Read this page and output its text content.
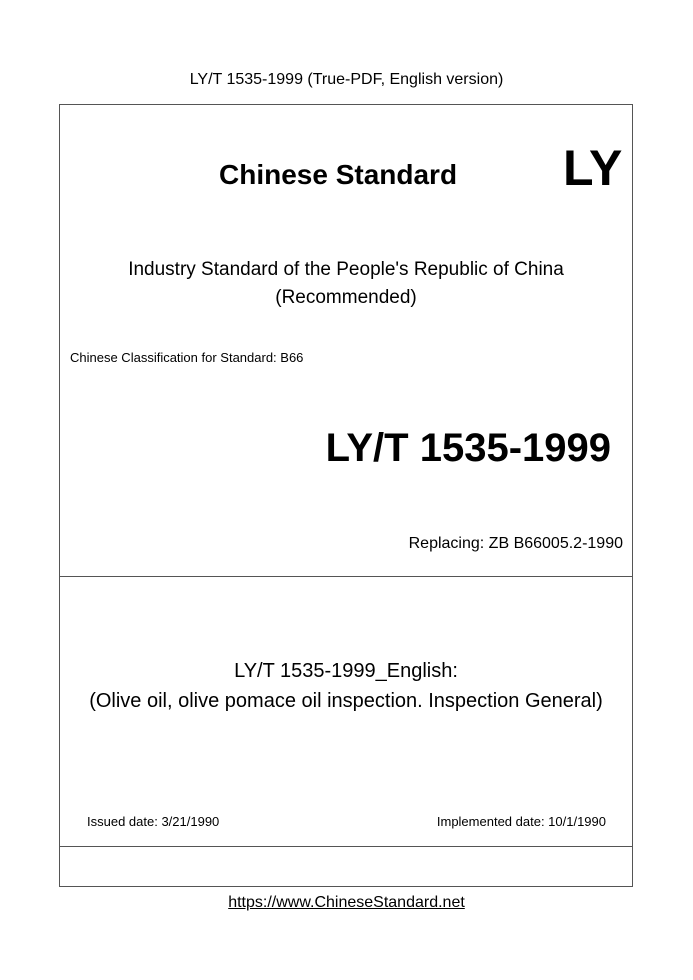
LY/T 1535-1999 (True-PDF, English version)
Chinese Standard LY
Industry Standard of the People's Republic of China
(Recommended)
Chinese Classification for Standard: B66
LY/T 1535-1999
Replacing: ZB B66005.2-1990
LY/T 1535-1999_English:
(Olive oil, olive pomace oil inspection. Inspection General)
Issued date: 3/21/1990	Implemented date: 10/1/1990
https://www.ChineseStandard.net
